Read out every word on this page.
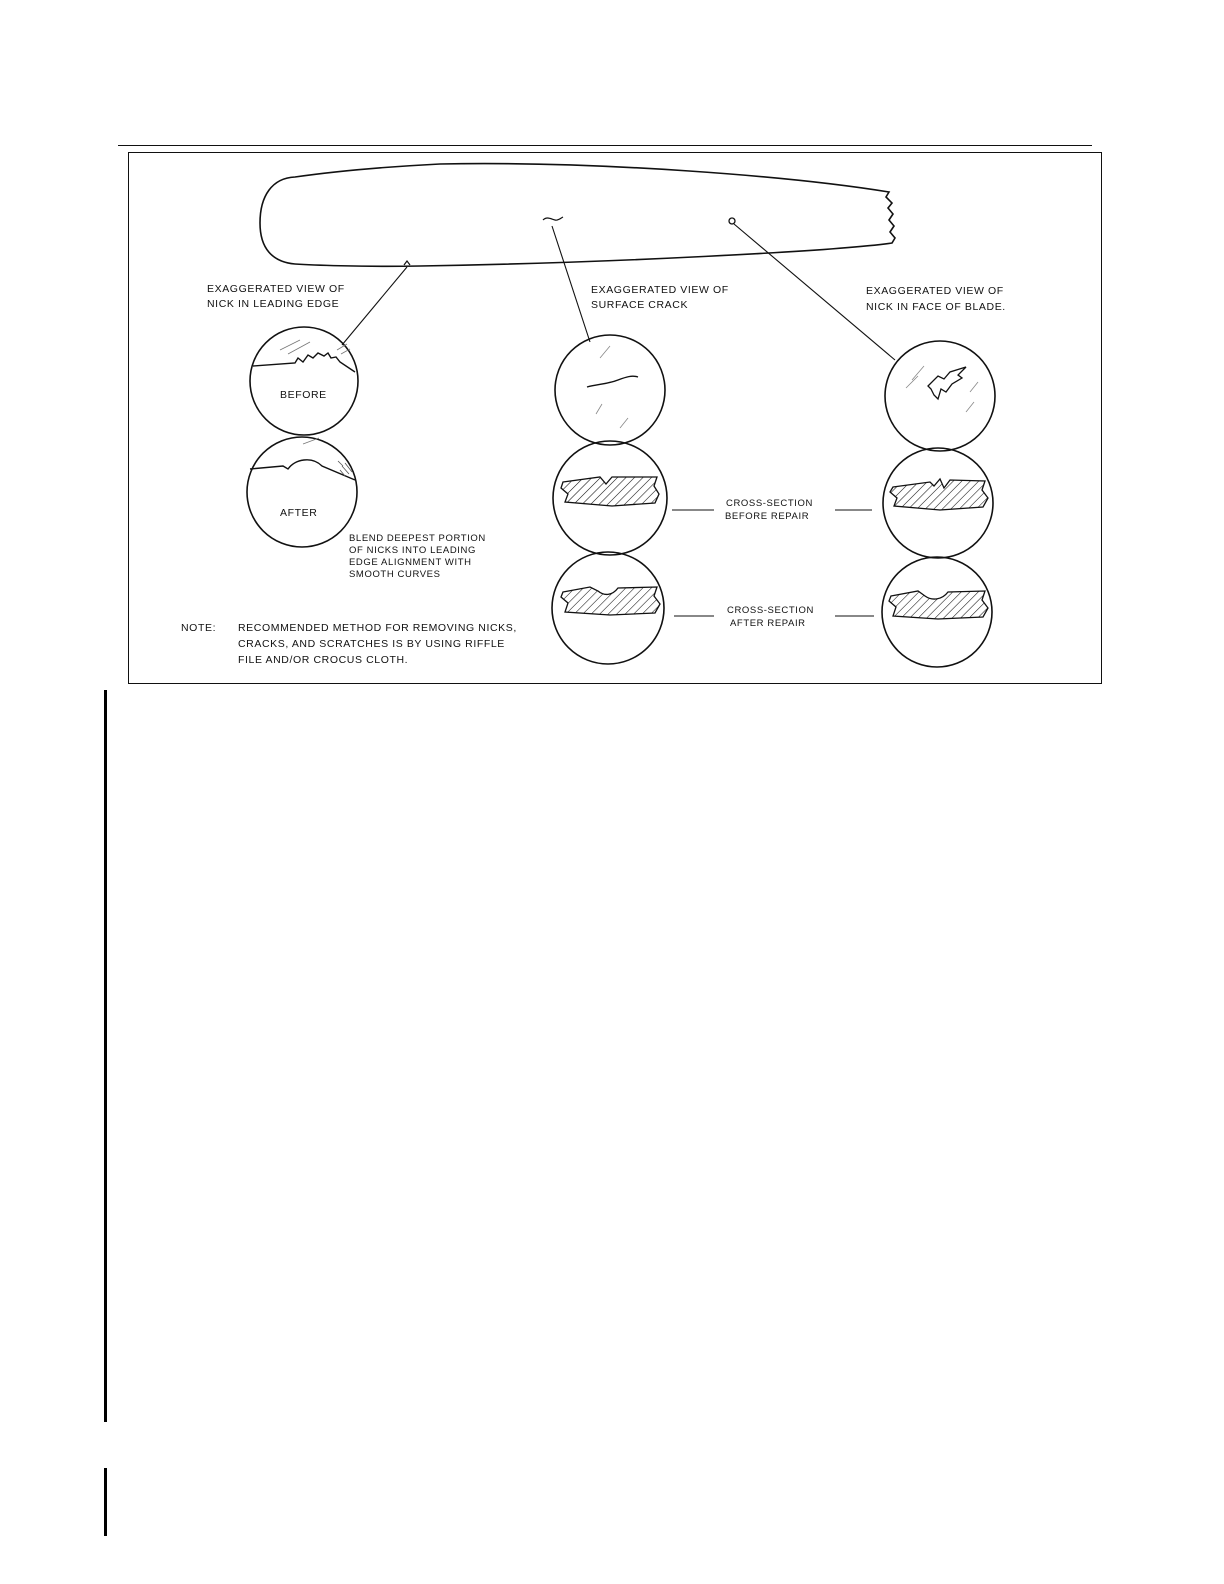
EXAGGERATED VIEW OF
NICK IN LEADING EDGE
EXAGGERATED VIEW OF
SURFACE CRACK
EXAGGERATED VIEW OF
NICK IN FACE OF BLADE.
BEFORE
AFTER
BLEND DEEPEST PORTION
OF NICKS INTO LEADING
EDGE ALIGNMENT WITH
SMOOTH CURVES
NOTE: RECOMMENDED METHOD FOR REMOVING NICKS,
CRACKS, AND SCRATCHES IS BY USING RIFFLE
FILE AND/OR CROCUS CLOTH.
CROSS-SECTION
BEFORE REPAIR
CROSS-SECTION
AFTER REPAIR
